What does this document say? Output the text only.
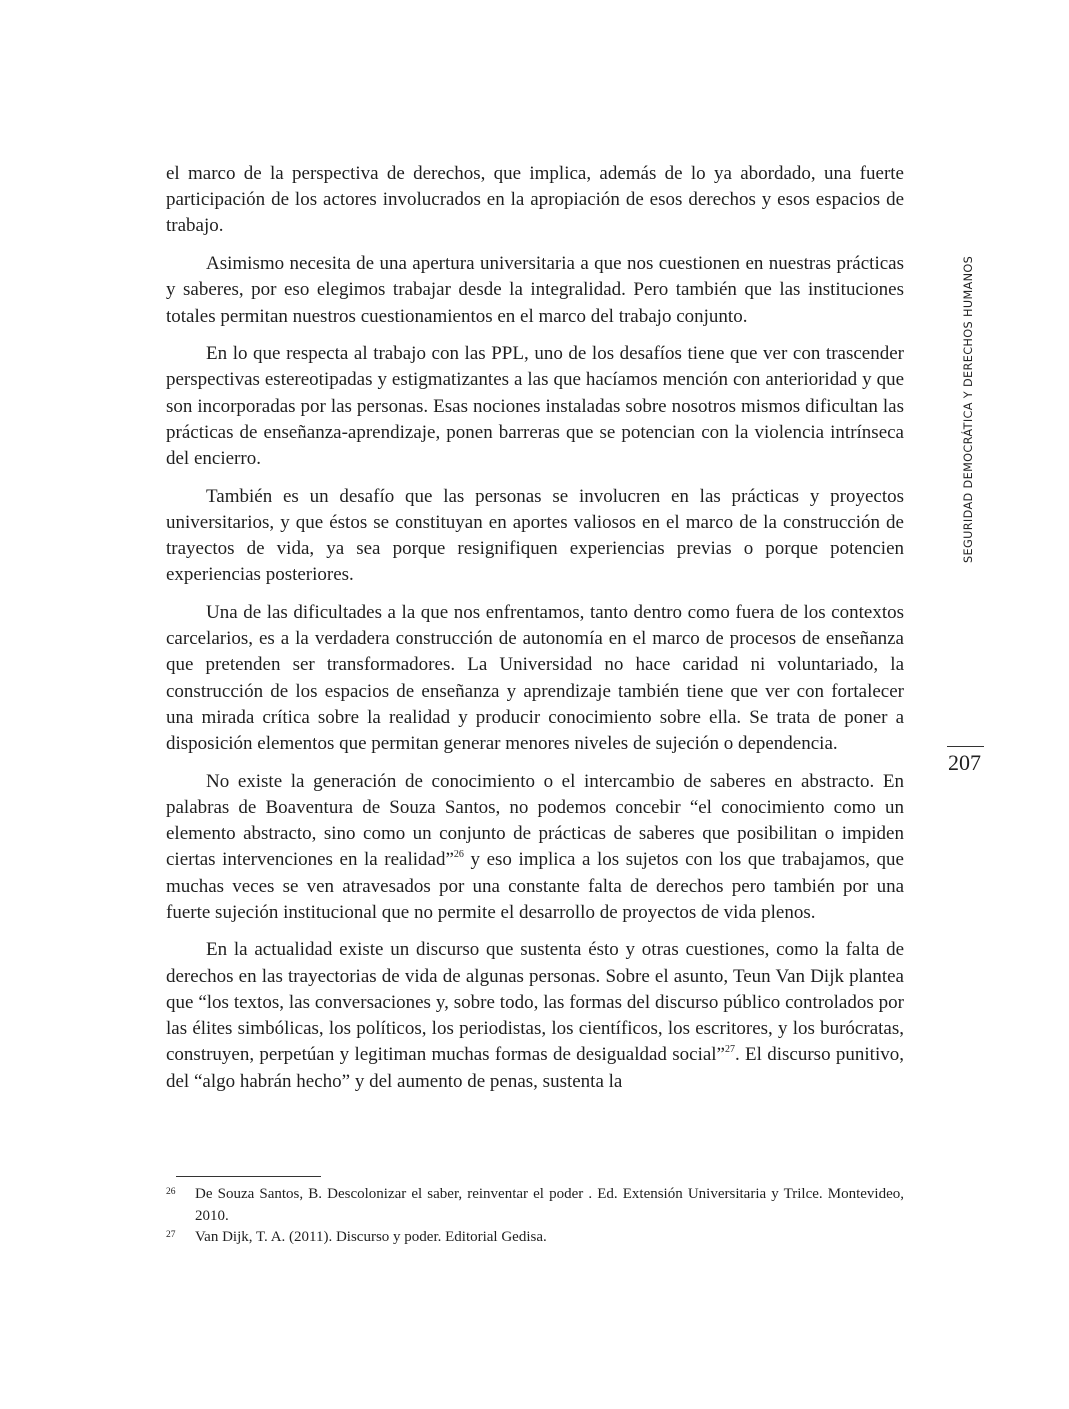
el marco de la perspectiva de derechos, que implica, además de lo ya abordado, una fuerte participación de los actores involucrados en la apropiación de esos derechos y esos espacios de trabajo.

Asimismo necesita de una apertura universitaria a que nos cuestionen en nuestras prácticas y saberes, por eso elegimos trabajar desde la integralidad. Pero también que las instituciones totales permitan nuestros cuestionamientos en el marco del trabajo conjunto.

En lo que respecta al trabajo con las PPL, uno de los desafíos tiene que ver con trascender perspectivas estereotipadas y estigmatizantes a las que hacíamos mención con anterioridad y que son incorporadas por las personas. Esas nociones instaladas sobre nosotros mismos dificultan las prácticas de enseñanza-aprendizaje, ponen barreras que se potencian con la violencia intrínseca del encierro.

También es un desafío que las personas se involucren en las prácticas y proyectos universitarios, y que éstos se constituyan en aportes valiosos en el marco de la construcción de trayectos de vida, ya sea porque resignifiquen experiencias previas o porque potencien experiencias posteriores.

Una de las dificultades a la que nos enfrentamos, tanto dentro como fuera de los contextos carcelarios, es a la verdadera construcción de autonomía en el marco de procesos de enseñanza que pretenden ser transformadores. La Universidad no hace caridad ni voluntariado, la construcción de los espacios de enseñanza y aprendizaje también tiene que ver con fortalecer una mirada crítica sobre la realidad y producir conocimiento sobre ella. Se trata de poner a disposición elementos que permitan generar menores niveles de sujeción o dependencia.

No existe la generación de conocimiento o el intercambio de saberes en abstracto. En palabras de Boaventura de Souza Santos, no podemos concebir “el conocimiento como un elemento abstracto, sino como un conjunto de prácticas de saberes que posibilitan o impiden ciertas intervenciones en la realidad”$^{26}$ y eso implica a los sujetos con los que trabajamos, que muchas veces se ven atravesados por una constante falta de derechos pero también por una fuerte sujeción institucional que no permite el desarrollo de proyectos de vida plenos.

En la actualidad existe un discurso que sustenta ésto y otras cuestiones, como la falta de derechos en las trayectorias de vida de algunas personas. Sobre el asunto, Teun Van Dijk plantea que “los textos, las conversaciones y, sobre todo, las formas del discurso público controlados por las élites simbólicas, los políticos, los periodistas, los científicos, los escritores, y los burócratas, construyen, perpetúan y legitiman muchas formas de desigualdad social”$^{27}$. El discurso punitivo, del “algo habrán hecho” y del aumento de penas, sustenta la

SEGURIDAD DEMOCRÁTICA Y DERECHOS HUMANOS
207

26 De Souza Santos, B. Descolonizar el saber, reinventar el poder . Ed. Extensión Universitaria y Trilce. Montevideo, 2010.

27 Van Dijk, T. A. (2011). Discurso y poder. Editorial Gedisa.
